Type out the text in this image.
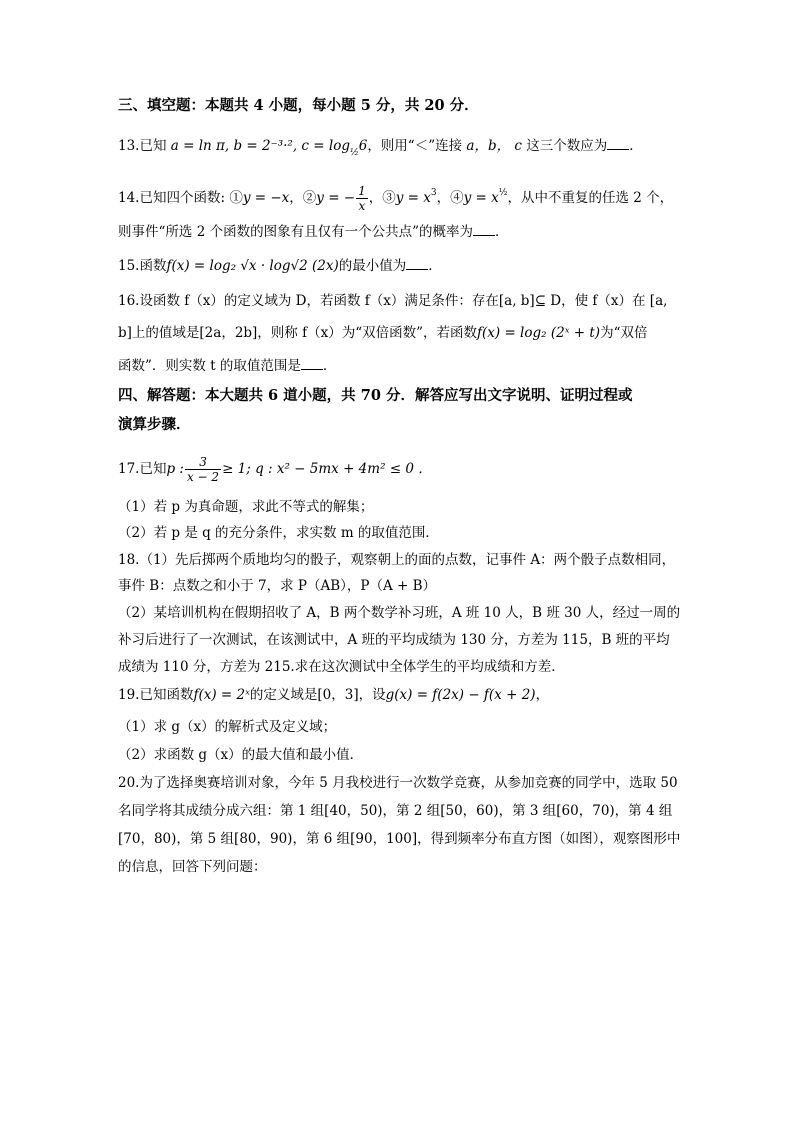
三、填空题：本题共 4 小题，每小题 5 分，共 20 分．
13.已知 a = ln π, b = 2⁻³·², $c = \log_{\frac{1}{2}}6$，则用“＜”连接 a，b， c 这三个数应为 ．
14.已知四个函数: ①y = −x，②y = − $\frac{1}{x}$ ，③y = $x^3$，④y = $x^{\frac{1}{2}}$，从中不重复的任选 2 个，
则事件“所选 2 个函数的图象有且仅有一个公共点”的概率为 ．
15.函数f(x) = log₂ √x · log√2 (2x)的最小值为 ．
16.设函数 f（x）的定义域为 D，若函数 f（x）满足条件：存在[a, b]⊆ D，使 f（x）在 [a,
b]上的值域是[2a，2b]，则称 f（x）为“双倍函数”，若函数f(x) = log₂ (2ˣ + t)为“双倍
函数”．则实数 t 的取值范围是 ．
四、解答题：本大题共 6 道小题，共 70 分．解答应写出文字说明、证明过程或
演算步骤．
17.已知p : $\frac{3}{x - 2} \ge 1$; q : x² − 5mx + 4m² ≤ 0 ．
（1）若 p 为真命题，求此不等式的解集；
（2）若 p 是 q 的充分条件，求实数 m 的取值范围．
18.（1）先后掷两个质地均匀的骰子，观察朝上的面的点数，记事件 A：两个骰子点数相同，
事件 B：点数之和小于 7，求 P（AB），P（A + B）
（2）某培训机构在假期招收了 A，B 两个数学补习班，A 班 10 人，B 班 30 人，经过一周的
补习后进行了一次测试，在该测试中，A 班的平均成绩为 130 分，方差为 115，B 班的平均
成绩为 110 分，方差为 215.求在这次测试中全体学生的平均成绩和方差．
19.已知函数f(x) = 2ˣ的定义域是[0，3]，设g(x) = f(2x) − f(x + 2)，
（1）求 g（x）的解析式及定义域；
（2）求函数 g（x）的最大值和最小值．
20.为了选择奥赛培训对象，今年 5 月我校进行一次数学竞赛，从参加竞赛的同学中，选取 50
名同学将其成绩分成六组：第 1 组[40，50)，第 2 组[50，60)，第 3 组[60，70)，第 4 组
[70，80)，第 5 组[80，90)，第 6 组[90，100]，得到频率分布直方图（如图），观察图形中
的信息，回答下列问题：
